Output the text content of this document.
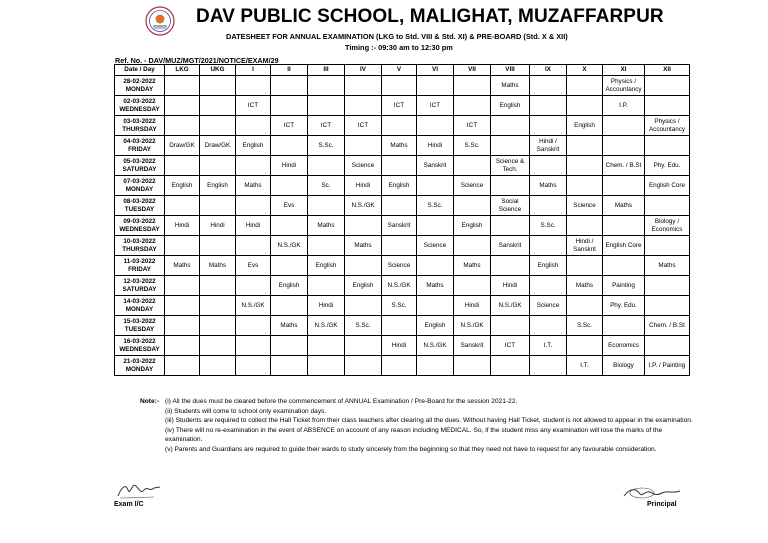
DAV PUBLIC SCHOOL, MALIGHAT, MUZAFFARPUR
DATESHEET FOR ANNUAL EXAMINATION (LKG to Std. VIII & Std. XI) & PRE-BOARD (Std. X & XII)
Timing :- 09:30 am to 12:30 pm
Ref. No. - DAV/MUZ/MGT/2021/NOTICE/EXAM/29
Date / Day	LKG	UKG	I	II	III	IV	V	VI	VII	VIII	IX	X	XI	XII

28-02-2022
MONDAY										Maths			Physics / Accountancy	

02-03-2022
WEDNESDAY			ICT				ICT	ICT		English			I.P.	

03-03-2022
THURSDAY				ICT	ICT	ICT			ICT			English		Physics / Accountancy

04-03-2022
FRIDAY	Draw/GK	Draw/GK	English		S.Sc.		Maths	Hindi	S.Sc.		Hindi / Sanskrit			

05-03-2022
SATURDAY				Hindi		Science		Sanskrit		Science & Tech.			Chem. / B.St	Phy. Edu.

07-03-2022
MONDAY	English	English	Maths		Sc.	Hindi	English		Science		Maths			English Core

08-03-2022
TUESDAY				Evs		N.S./GK		S.Sc.		Social Science		Science	Maths	

09-03-2022
WEDNESDAY	Hindi	Hindi	Hindi		Maths		Sanskrit		English		S.Sc.			Biology / Economics

10-03-2022
THURSDAY				N.S./GK		Maths		Science		Sanskrit		Hindi / Sanskrit	English Core	

11-03-2022
FRIDAY	Maths	Maths	Evs		English		Science		Maths		English			Maths

12-03-2022
SATURDAY				English		English	N.S./GK	Maths		Hindi		Maths	Painting	

14-03-2022
MONDAY			N.S./GK		Hindi		S.Sc.		Hindi	N.S./GK	Science		Phy. Edu.	

15-03-2022
TUESDAY				Maths	N.S./GK	S.Sc.		English	N.S./GK			S.Sc.		Chem. / B.St

16-03-2022
WEDNESDAY							Hindi	N.S./GK	Sanskrit	ICT	I.T.		Economics	

21-03-2022
MONDAY												I.T.	Biology	I.P. / Painting
Note:- (i) All the dues must be cleared before the commencement of ANNUAL Examination / Pre-Board for the session 2021-22.
(ii) Students will come to school only examination days.
(iii) Students are required to collect the Hall Ticket from their class teachers after clearing all the dues. Without having Hall Ticket, student is not allowed to appear in the examination.
(iv) There will no re-examination in the event of ABSENCE on account of any reason including MEDICAL. So, if the student miss any examination will lose the marks of the examination.
(v) Parents and Guardians are required to guide their wards to study sincerely from the beginning so that they need not have to request for any favourable consideration.
Exam I/C	Principal
